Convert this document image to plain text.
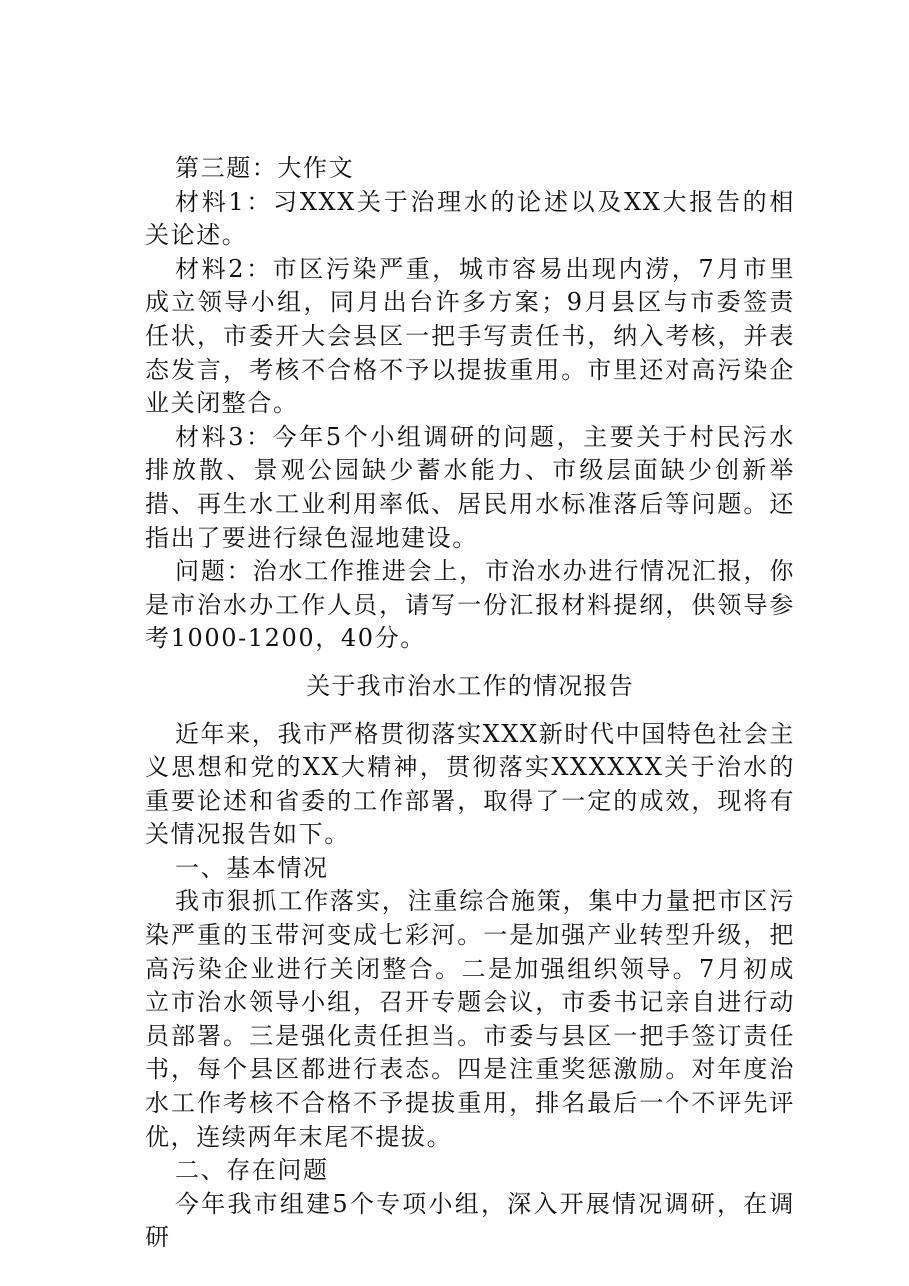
第三题：大作文

材料1：习XXX关于治理水的论述以及XX大报告的相关论述。

材料2：市区污染严重，城市容易出现内涝，7月市里成立领导小组，同月出台许多方案；9月县区与市委签责任状，市委开大会县区一把手写责任书，纳入考核，并表态发言，考核不合格不予以提拔重用。市里还对高污染企业关闭整合。

材料3：今年5个小组调研的问题，主要关于村民污水排放散、景观公园缺少蓄水能力、市级层面缺少创新举措、再生水工业利用率低、居民用水标准落后等问题。还指出了要进行绿色湿地建设。

问题：治水工作推进会上，市治水办进行情况汇报，你是市治水办工作人员，请写一份汇报材料提纲，供领导参考1000-1200，40分。

关于我市治水工作的情况报告

近年来，我市严格贯彻落实XXX新时代中国特色社会主义思想和党的XX大精神，贯彻落实XXXXXX关于治水的重要论述和省委的工作部署，取得了一定的成效，现将有关情况报告如下。

一、基本情况

我市狠抓工作落实，注重综合施策，集中力量把市区污染严重的玉带河变成七彩河。一是加强产业转型升级，把高污染企业进行关闭整合。二是加强组织领导。7月初成立市治水领导小组，召开专题会议，市委书记亲自进行动员部署。三是强化责任担当。市委与县区一把手签订责任书，每个县区都进行表态。四是注重奖惩激励。对年度治水工作考核不合格不予提拔重用，排名最后一个不评先评优，连续两年末尾不提拔。

二、存在问题

今年我市组建5个专项小组，深入开展情况调研，在调研
